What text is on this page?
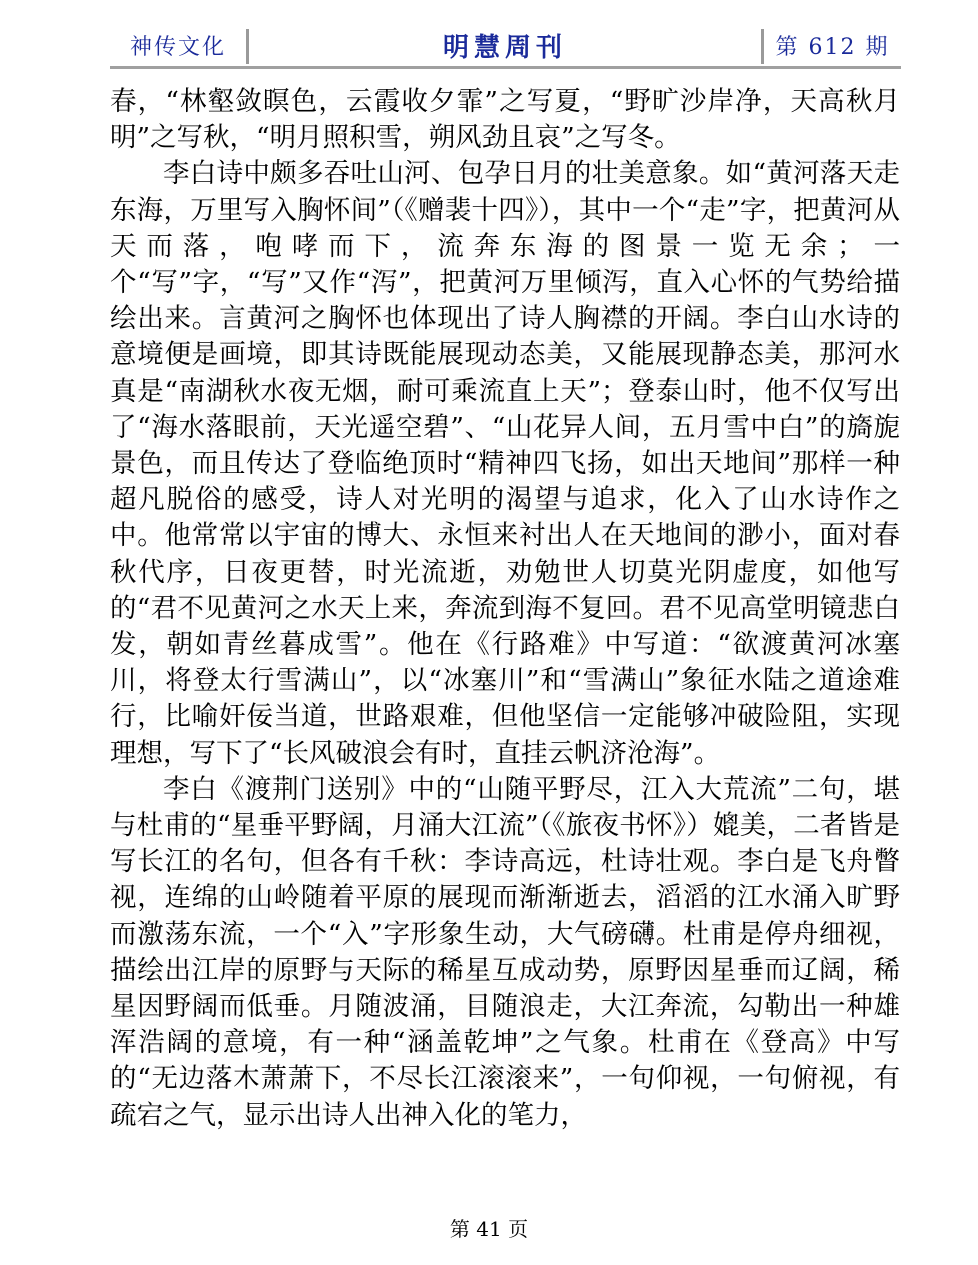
神传文化	明慧周刊	第 612 期

春，“林壑敛暝色，云霞收夕霏”之写夏，“野旷沙岸净，天高秋月明”之写秋，“明月照积雪，朔风劲且哀”之写冬。

李白诗中颇多吞吐山河、包孕日月的壮美意象。如“黄河落天走东海，万里写入胸怀间”（《赠裴十四》），其中一个“走”字，把黄河从天而落，咆哮而下，流奔东海的图景一览无余；一个“写”字，“写”又作“泻”，把黄河万里倾泻，直入心怀的气势给描绘出来。言黄河之胸怀也体现出了诗人胸襟的开阔。李白山水诗的意境便是画境，即其诗既能展现动态美，又能展现静态美，那河水真是“南湖秋水夜无烟，耐可乘流直上天”；登泰山时，他不仅写出了“海水落眼前，天光遥空碧”、“山花异人间，五月雪中白”的旖旎景色，而且传达了登临绝顶时“精神四飞扬，如出天地间”那样一种超凡脱俗的感受，诗人对光明的渴望与追求，化入了山水诗作之中。他常常以宇宙的博大、永恒来衬出人在天地间的渺小，面对春秋代序，日夜更替，时光流逝，劝勉世人切莫光阴虚度，如他写的“君不见黄河之水天上来，奔流到海不复回。君不见高堂明镜悲白发，朝如青丝暮成雪”。他在《行路难》中写道：“欲渡黄河冰塞川，将登太行雪满山”，以“冰塞川”和“雪满山”象征水陆之道途难行，比喻奸佞当道，世路艰难，但他坚信一定能够冲破险阻，实现理想，写下了“长风破浪会有时，直挂云帆济沧海”。

李白《渡荆门送别》中的“山随平野尽，江入大荒流”二句，堪与杜甫的“星垂平野阔，月涌大江流”（《旅夜书怀》）媲美，二者皆是写长江的名句，但各有千秋：李诗高远，杜诗壮观。李白是飞舟瞥视，连绵的山岭随着平原的展现而渐渐逝去，滔滔的江水涌入旷野而激荡东流，一个“入”字形象生动，大气磅礴。杜甫是停舟细视，描绘出江岸的原野与天际的稀星互成动势，原野因星垂而辽阔，稀星因野阔而低垂。月随波涌，目随浪走，大江奔流，勾勒出一种雄浑浩阔的意境，有一种“涵盖乾坤”之气象。杜甫在《登高》中写的“无边落木萧萧下，不尽长江滚滚来”，一句仰视，一句俯视，有疏宕之气，显示出诗人出神入化的笔力，

第 41 页
